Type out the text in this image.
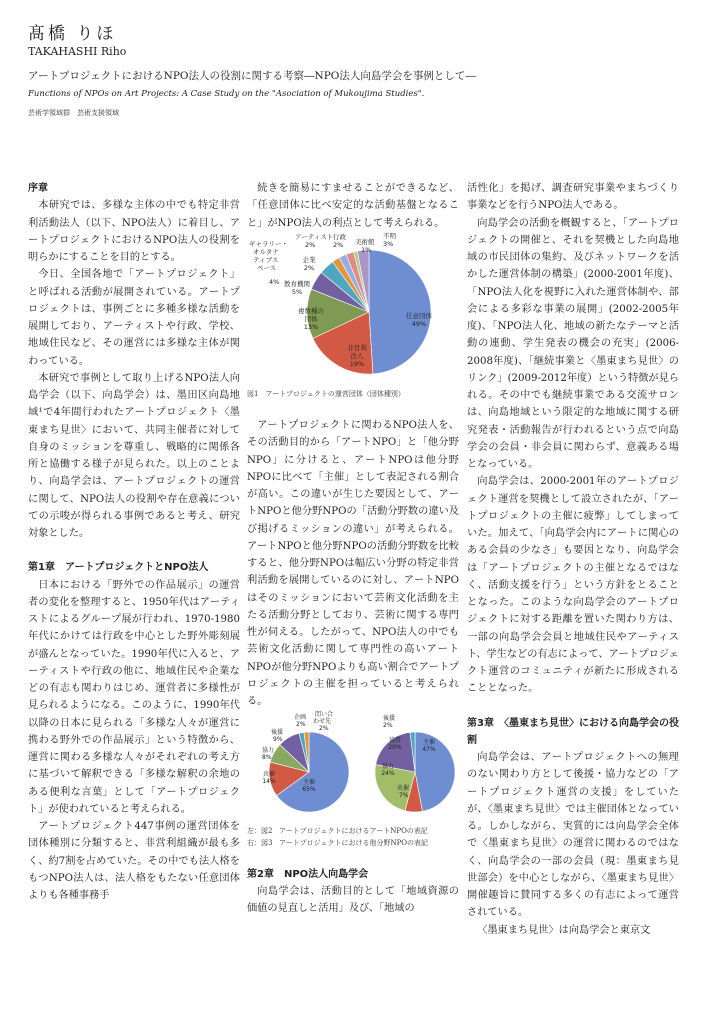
髙橋 りほ
TAKAHASHI Riho
アートプロジェクトにおけるNPO法人の役割に関する考察―NPO法人向島学会を事例として―
Functions of NPOs on Art Projects: A Case Study on the "Asociation of Mukoujima Studies".
芸術学領域群　芸術支援領域
序章

本研究では、多様な主体の中でも特定非営利活動法人（以下、NPO法人）に着目し、アートプロジェクトにおけるNPO法人の役割を明らかにすることを目的とする。

今日、全国各地で「アートプロジェクト」と呼ばれる活動が展開されている。アートプロジェクトは、事例ごとに多種多様な活動を展開しており、アーティストや行政、学校、地域住民など、その運営には多様な主体が関わっている。

本研究で事例として取り上げるNPO法人向島学会（以下、向島学会）は、墨田区向島地域¹で4年間行われたアートプロジェクト〈墨東まち見世〉において、共同主催者に対して自身のミッションを尊重し、戦略的に関係各所と協働する様子が見られた。以上のことより、向島学会は、アートプロジェクトの運営に関して、NPO法人の役割や存在意義についての示唆が得られる事例であると考え、研究対象とした。

第1章　アートプロジェクトとNPO法人

日本における「野外での作品展示」の運営者の変化を整理すると、1950年代はアーティストによるグループ展が行われ、1970-1980年代にかけては行政を中心とした野外彫刻展が盛んとなっていた。1990年代に入ると、アーティストや行政の他に、地域住民や企業などの有志も関わりはじめ、運営者に多様性が見られるようになる。このように、1990年代以降の日本に見られる「多様な人々が運営に携わる野外での作品展示」という特徴から、運営に関わる多様な人々がそれぞれの考え方に基づいて解釈できる「多様な解釈の余地のある便利な言葉」として「アートプロジェクト」が使われていると考えられる。

アートプロジェクト447事例の運営団体を団体種別に分類すると、非営利組織が最も多く、約7割を占めていた。その中でも法人格をもつNPO法人は、法人格をもたない任意団体よりも各種事務手

続きを簡易にすませることができるなど、「任意団体に比べ安定的な活動基盤となること」がNPO法人の利点として考えられる。

任意団体
49%
非営利
法人
19%
複数種の
団体
13%
教育機関
5%
ギャラリー・
オルタナ
ティブス
ペース
4%
企業
2%
アーティスト
2%
行政
2% 美術館
1%
不明
3%
図1　アートプロジェクトの運営団体（団体種別）

アートプロジェクトに関わるNPO法人を、その活動目的から「アートNPO」と「他分野NPO」に分けると、アートNPOは他分野NPOに比べて「主催」として表記される割合が高い。この違いが生じた要因として、アートNPOと他分野NPOの「活動分野数の違い及び掲げるミッションの違い」が考えられる。アートNPOと他分野NPOの活動分野数を比較すると、他分野NPOは幅広い分野の特定非営利活動を展開しているのに対し、アートNPOはそのミッションにおいて芸術文化活動を主たる活動分野としており、芸術に関する専門性が伺える。したがって、NPO法人の中でも芸術文化活動に関して専門性の高いアートNPOが他分野NPOよりも高い割合でアートプロジェクトの主催を担っていると考えられる。

主催
65%
共催
14%
協力
8%
後援
9%
企画
2%
問い合
わせ先
2%
主催
47%
共催
7%
協力
24%
協賛
20%
後援
2%
左：図2 アートプロジェクトにおけるアートNPOの表記
右：図3 アートプロジェクトにおける他分野NPOの表記
第2章　NPO法人向島学会

向島学会は、活動目的として「地域資源の価値の見直しと活用」及び、「地域の

活性化」を掲げ、調査研究事業やまちづくり事業などを行うNPO法人である。

向島学会の活動を概観すると、「アートプロジェクトの開催と、それを契機とした向島地域の市民団体の集約、及びネットワークを活かした運営体制の構築」(2000-2001年度)、「NPO法人化を視野に入れた運営体制や、部会による多彩な事業の展開」(2002-2005年度)、「NPO法人化、地域の新たなテーマと活動の連動、学生発表の機会の充実」(2006-2008年度)、「継続事業と〈墨東まち見世〉のリンク」(2009-2012年度）という特徴が見られる。その中でも継続事業である交流サロンは、向島地域という限定的な地域に関する研究発表・活動報告が行われるという点で向島学会の会員・非会員に関わらず、意義ある場となっている。

向島学会は、2000-2001年のアートプロジェクト運営を契機として設立されたが、「アートプロジェクトの主催に疲弊」してしまっていた。加えて、「向島学会内にアートに関心のある会員の少なさ」も要因となり、向島学会は「アートプロジェクトの主催となるではなく、活動支援を行う」という方針をとることとなった。このような向島学会のアートプロジェクトに対する距離を置いた関わり方は、一部の向島学会会員と地域住民やアーティスト、学生などの有志によって、アートプロジェクト運営のコミュニティが新たに形成されることとなった。

第3章　〈墨東まち見世〉における向島学会の役割

向島学会は、アートプロジェクトへの無理のない関わり方として後援・協力などの「アートプロジェクト運営の支援」をしていたが、〈墨東まち見世〉では主催団体となっている。しかしながら、実質的には向島学会全体で〈墨東まち見世〉の運営に関わるのではなく、向島学会の一部の会員（現：墨東まち見世部会）を中心としながら、〈墨東まち見世〉開催趣旨に賛同する多くの有志によって運営されている。

〈墨東まち見世〉は向島学会と東京文
